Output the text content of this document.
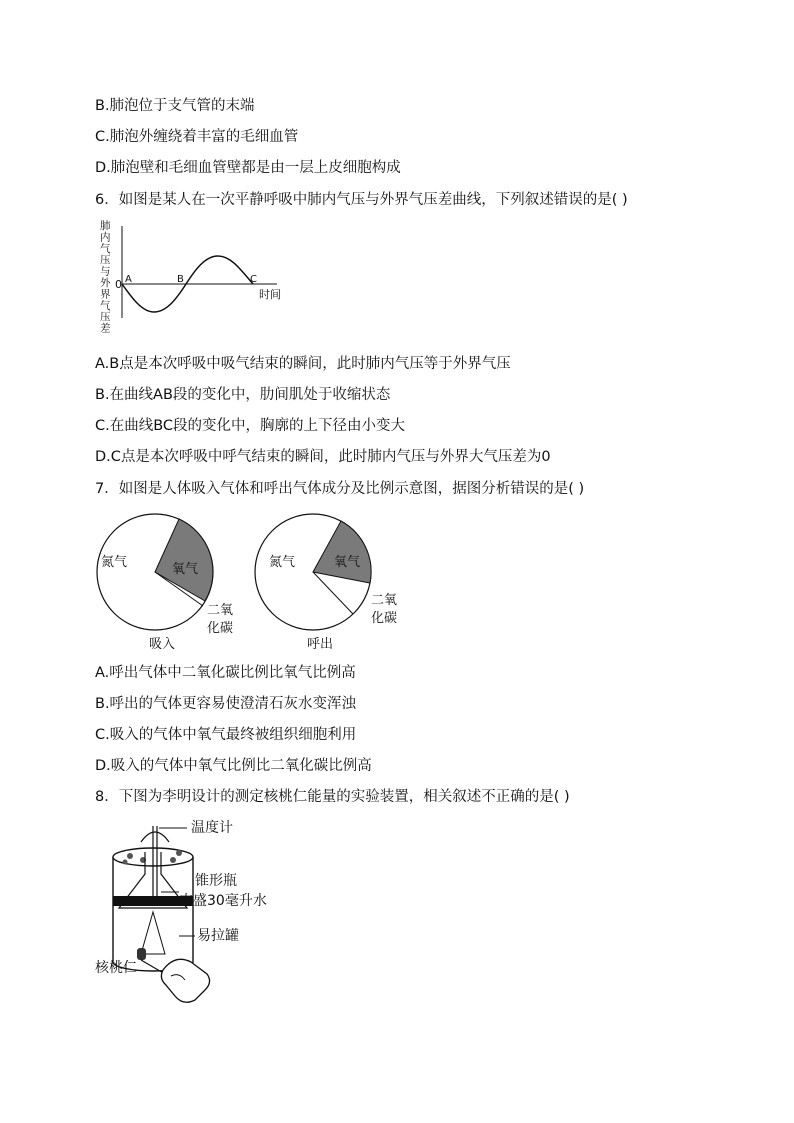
B.肺泡位于支气管的末端
C.肺泡外缠绕着丰富的毛细血管
D.肺泡壁和毛细血管壁都是由一层上皮细胞构成
6．如图是某人在一次平静呼吸中肺内气压与外界气压差曲线，下列叙述错误的是( )
肺
内
气
压
与
外
界
气
压
差
0 A	B	C
时间
A.B点是本次呼吸中吸气结束的瞬间，此时肺内气压等于外界气压
B.在曲线AB段的变化中，肋间肌处于收缩状态
C.在曲线BC段的变化中，胸廓的上下径由小变大
D.C点是本次呼吸中呼气结束的瞬间，此时肺内气压与外界大气压差为0
7．如图是人体吸入气体和呼出气体成分及比例示意图，据图分析错误的是( )
氮气	氧气
二氧
化碳
吸入
氮气	氧气
二氧
化碳
呼出
A.呼出气体中二氧化碳比例比氧气比例高
B.呼出的气体更容易使澄清石灰水变浑浊
C.吸入的气体中氧气最终被组织细胞利用
D.吸入的气体中氧气比例比二氧化碳比例高
8．下图为李明设计的测定核桃仁能量的实验装置，相关叙述不正确的是( )
温度计
锥形瓶
内盛30毫升水
易拉罐
核桃仁
